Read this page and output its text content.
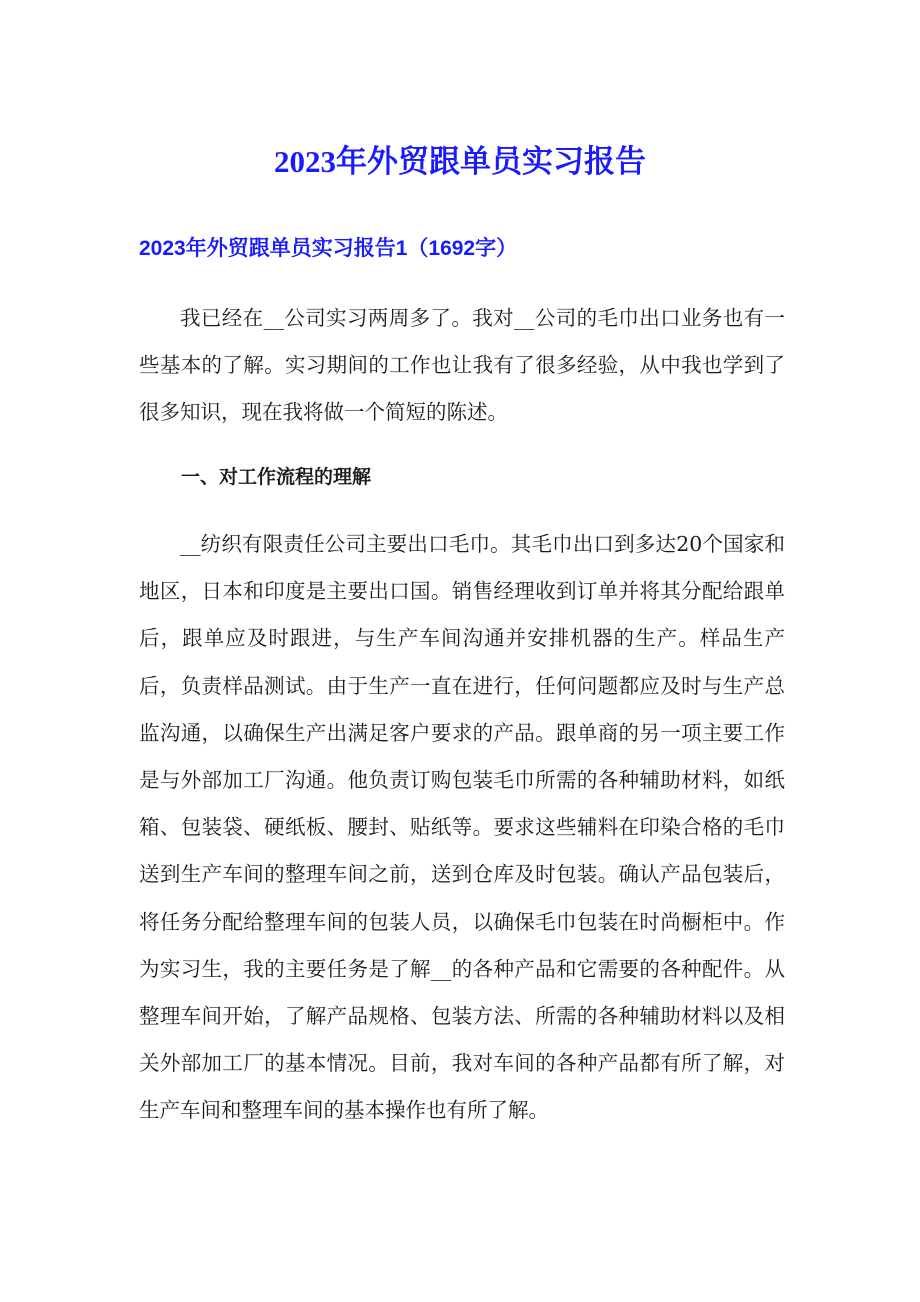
2023年外贸跟单员实习报告
2023年外贸跟单员实习报告1（1692字）
我已经在__公司实习两周多了。我对__公司的毛巾出口业务也有一些基本的了解。实习期间的工作也让我有了很多经验，从中我也学到了很多知识，现在我将做一个简短的陈述。
一、对工作流程的理解
__纺织有限责任公司主要出口毛巾。其毛巾出口到多达20个国家和地区，日本和印度是主要出口国。销售经理收到订单并将其分配给跟单后，跟单应及时跟进，与生产车间沟通并安排机器的生产。样品生产后，负责样品测试。由于生产一直在进行，任何问题都应及时与生产总监沟通，以确保生产出满足客户要求的产品。跟单商的另一项主要工作是与外部加工厂沟通。他负责订购包装毛巾所需的各种辅助材料，如纸箱、包装袋、硬纸板、腰封、贴纸等。要求这些辅料在印染合格的毛巾送到生产车间的整理车间之前，送到仓库及时包装。确认产品包装后，将任务分配给整理车间的包装人员，以确保毛巾包装在时尚橱柜中。作为实习生，我的主要任务是了解__的各种产品和它需要的各种配件。从整理车间开始，了解产品规格、包装方法、所需的各种辅助材料以及相关外部加工厂的基本情况。目前，我对车间的各种产品都有所了解，对生产车间和整理车间的基本操作也有所了解。
